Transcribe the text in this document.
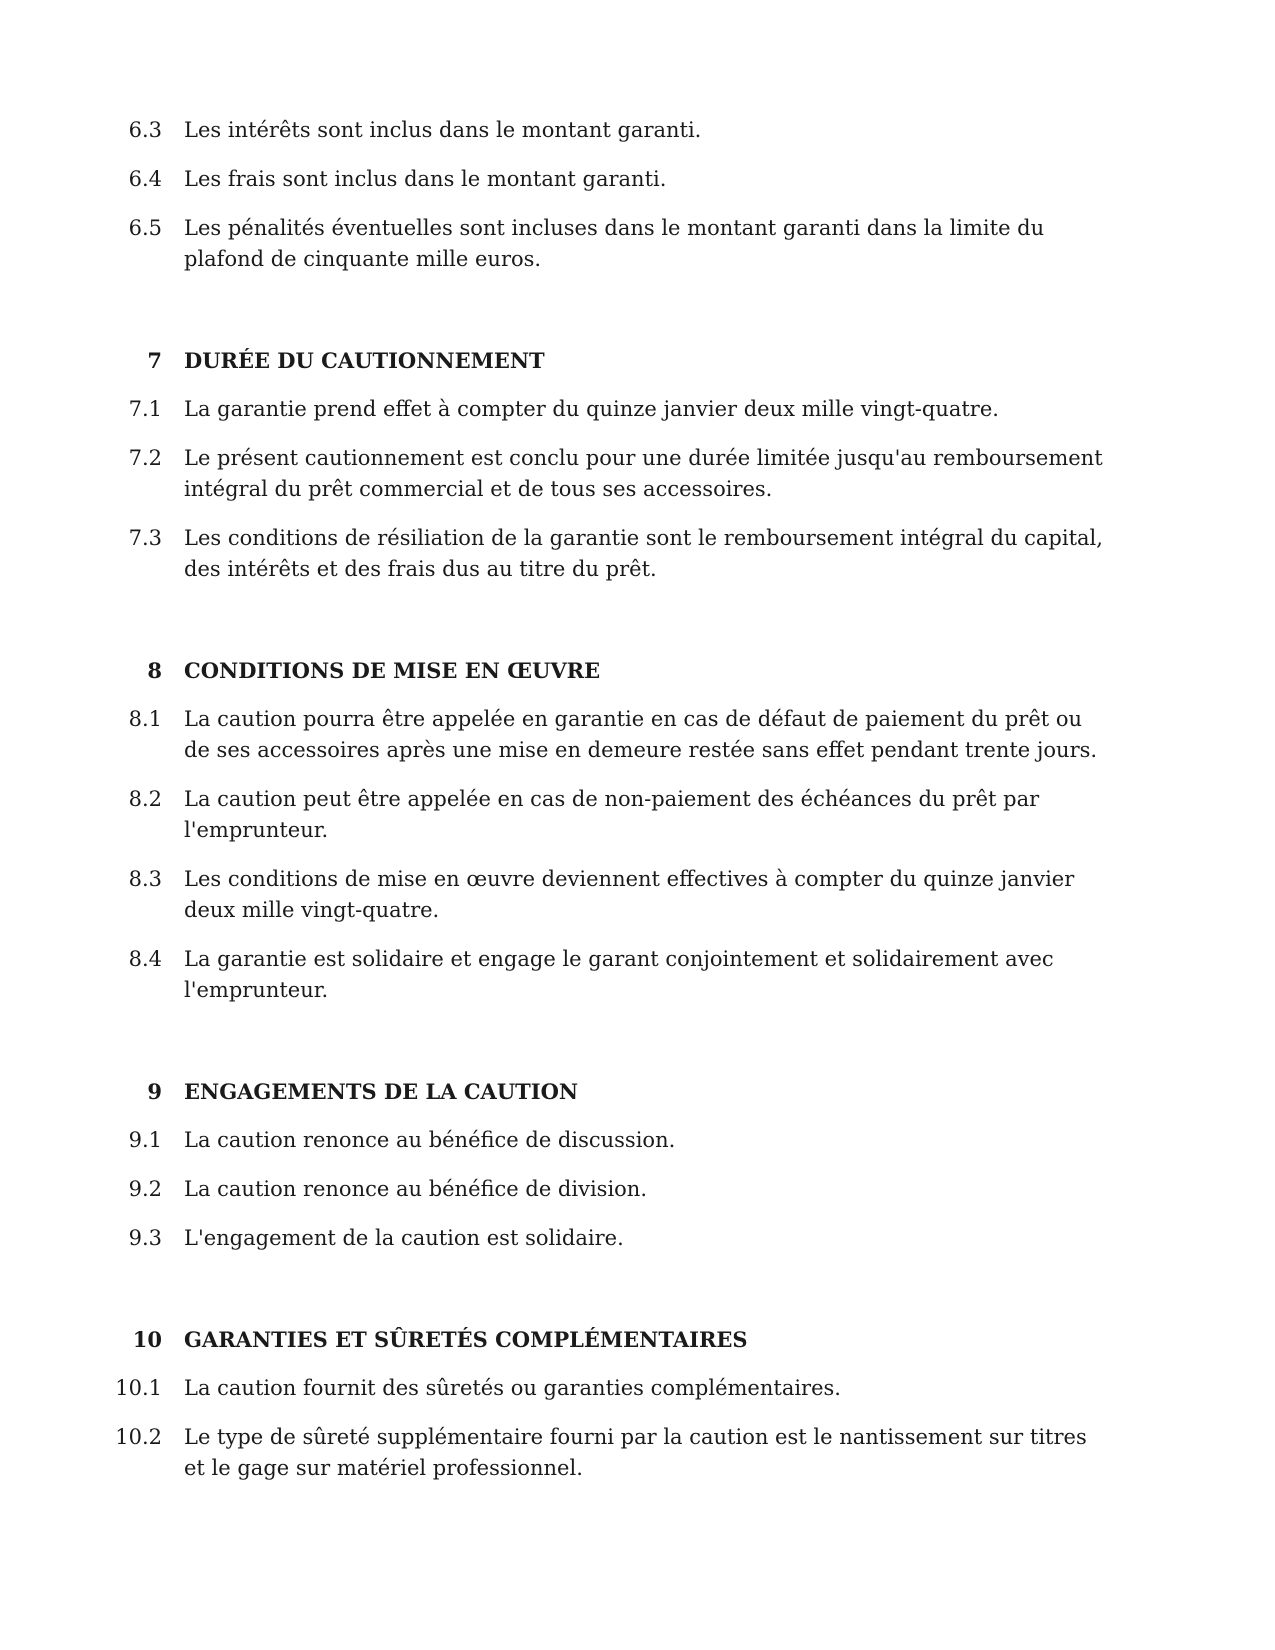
6.3	Les intérêts sont inclus dans le montant garanti.
6.4	Les frais sont inclus dans le montant garanti.
6.5	Les pénalités éventuelles sont incluses dans le montant garanti dans la limite du plafond de cinquante mille euros.
7	DURÉE DU CAUTIONNEMENT
7.1	La garantie prend effet à compter du quinze janvier deux mille vingt-quatre.
7.2	Le présent cautionnement est conclu pour une durée limitée jusqu'au remboursement intégral du prêt commercial et de tous ses accessoires.
7.3	Les conditions de résiliation de la garantie sont le remboursement intégral du capital, des intérêts et des frais dus au titre du prêt.
8	CONDITIONS DE MISE EN ŒUVRE
8.1	La caution pourra être appelée en garantie en cas de défaut de paiement du prêt ou de ses accessoires après une mise en demeure restée sans effet pendant trente jours.
8.2	La caution peut être appelée en cas de non-paiement des échéances du prêt par l'emprunteur.
8.3	Les conditions de mise en œuvre deviennent effectives à compter du quinze janvier deux mille vingt-quatre.
8.4	La garantie est solidaire et engage le garant conjointement et solidairement avec l'emprunteur.
9	ENGAGEMENTS DE LA CAUTION
9.1	La caution renonce au bénéfice de discussion.
9.2	La caution renonce au bénéfice de division.
9.3	L'engagement de la caution est solidaire.
10	GARANTIES ET SÛRETÉS COMPLÉMENTAIRES
10.1	La caution fournit des sûretés ou garanties complémentaires.
10.2	Le type de sûreté supplémentaire fourni par la caution est le nantissement sur titres et le gage sur matériel professionnel.
